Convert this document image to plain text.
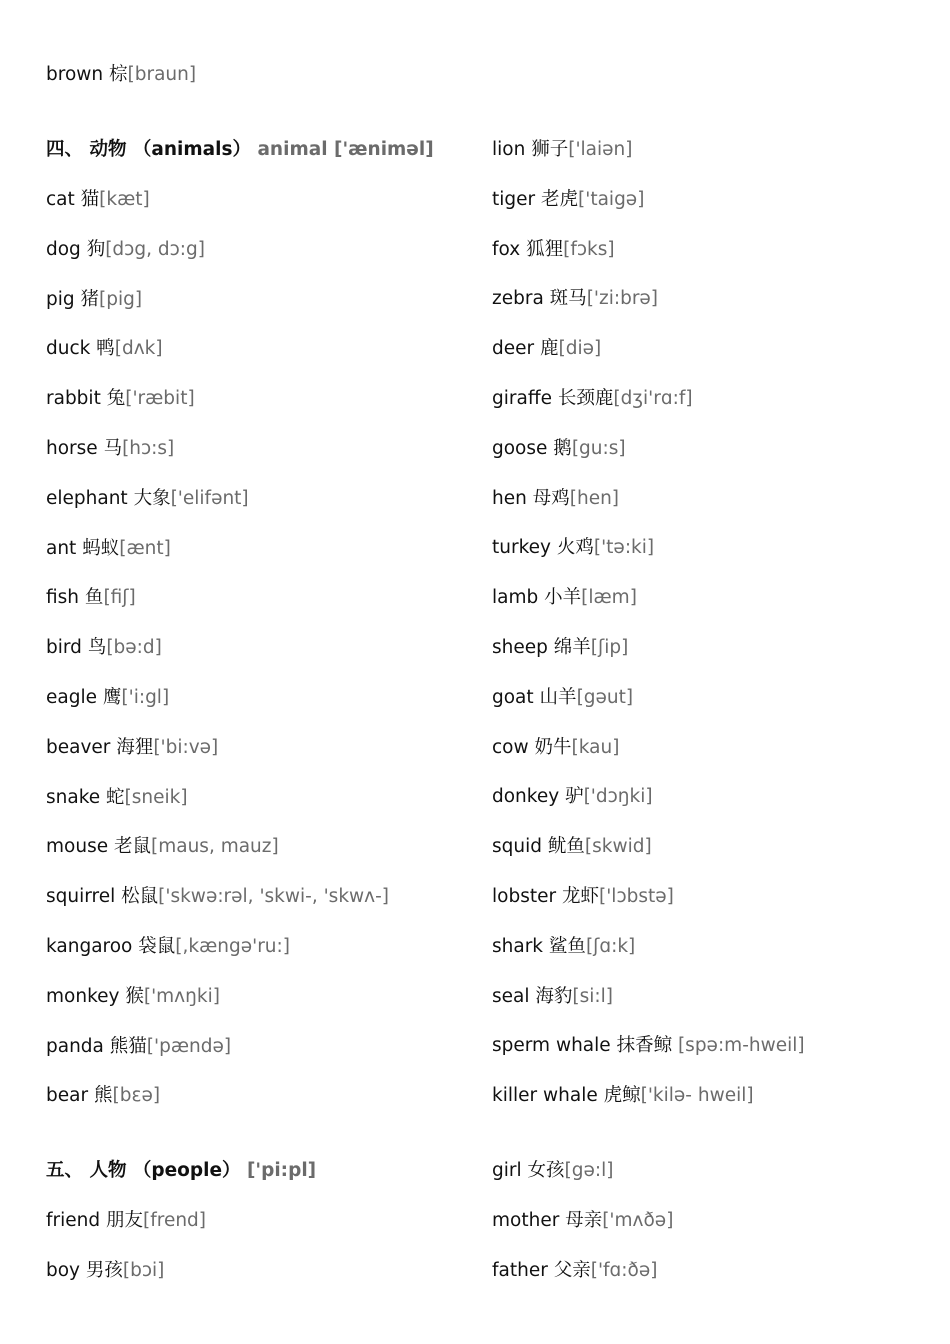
brown 棕[braun]
四、 动物 （animals） animal ['ænimәl]
五、 人物 （people） ['pi:pl]
cat 猫[kæt]
dog 狗[dɔg, dɔ:g]
pig 猪[pig]
duck 鸭[dʌk]
rabbit 兔['ræbit]
horse 马[hɔ:s]
elephant 大象['elifәnt]
ant 蚂蚁[ænt]
fish 鱼[fiʃ]
bird 鸟[bә:d]
eagle 鹰['i:gl]
beaver 海狸['bi:vә]
snake 蛇[sneik]
mouse 老鼠[maus, mauz]
squirrel 松鼠['skwә:rәl, 'skwi-, 'skwʌ-]
kangaroo 袋鼠[,kængә'ru:]
monkey 猴['mʌŋki]
panda 熊猫['pændә]
bear 熊[bεә]
lion 狮子['laiәn]
tiger 老虎['taigә]
fox 狐狸[fɔks]
zebra 斑马['zi:brә]
deer 鹿[diә]
giraffe 长颈鹿[dʒi'rɑ:f]
goose 鹅[gu:s]
hen 母鸡[hen]
turkey 火鸡['tә:ki]
lamb 小羊[læm]
sheep 绵羊[ʃip]
goat 山羊[gәut]
cow 奶牛[kau]
donkey 驴['dɔŋki]
squid 鱿鱼[skwid]
lobster 龙虾['lɔbstә]
shark 鲨鱼[ʃɑ:k]
seal 海豹[si:l]
sperm whale 抹香鲸 [spә:m-hweil]
killer whale 虎鲸['kilә- hweil]
friend 朋友[frend]
boy 男孩[bɔi]
girl 女孩[gә:l]
mother 母亲['mʌðә]
father 父亲['fɑ:ðә]
